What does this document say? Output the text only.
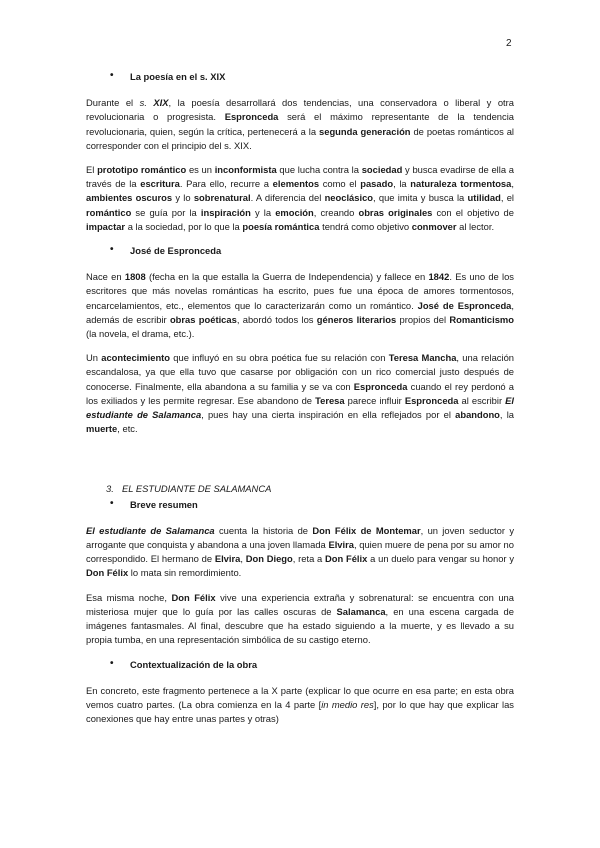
2
• La poesía en el s. XIX

Durante el s. XIX, la poesía desarrollará dos tendencias, una conservadora o liberal y otra revolucionaria o progresista. Espronceda será el máximo representante de la tendencia revolucionaria, quien, según la crítica, pertenecerá a la segunda generación de poetas románticos al corresponder con el principio del s. XIX.

El prototipo romántico es un inconformista que lucha contra la sociedad y busca evadirse de ella a través de la escritura. Para ello, recurre a elementos como el pasado, la naturaleza tormentosa, ambientes oscuros y lo sobrenatural. A diferencia del neoclásico, que imita y busca la utilidad, el romántico se guía por la inspiración y la emoción, creando obras originales con el objetivo de impactar a la sociedad, por lo que la poesía romántica tendrá como objetivo conmover al lector.

• José de Espronceda

Nace en 1808 (fecha en la que estalla la Guerra de Independencia) y fallece en 1842. Es uno de los escritores que más novelas románticas ha escrito, pues fue una época de amores tormentosos, encarcelamientos, etc., elementos que lo caracterizarán como un romántico. José de Espronceda, además de escribir obras poéticas, abordó todos los géneros literarios propios del Romanticismo (la novela, el drama, etc.).

Un acontecimiento que influyó en su obra poética fue su relación con Teresa Mancha, una relación escandalosa, ya que ella tuvo que casarse por obligación con un rico comercial justo después de conocerse. Finalmente, ella abandona a su familia y se va con Espronceda cuando el rey perdonó a los exiliados y les permite regresar. Ese abandono de Teresa parece influir Esproncedа al escribir El estudiante de Salamanca, pues hay una cierta inspiración en ella reflejados por el abandono, la muerte, etc.

3. EL ESTUDIANTE DE SALAMANCA
• Breve resumen

El estudiante de Salamanca cuenta la historia de Don Félix de Montemar, un joven seductor y arrogante que conquista y abandona a una joven llamada Elvira, quien muere de pena por su amor no correspondido. El hermano de Elvira, Don Diego, reta a Don Félix a un duelo para vengar su honor y Don Félix lo mata sin remordimiento.

Esa misma noche, Don Félix vive una experiencia extraña y sobrenatural: se encuentra con una misteriosa mujer que lo guía por las calles oscuras de Salamanca, en una escena cargada de imágenes fantasmales. Al final, descubre que ha estado siguiendo a la muerte, y es llevado a su propia tumba, en una representación simbólica de su castigo eterno.

• Contextualización de la obra

En concreto, este fragmento pertenece a la X parte (explicar lo que ocurre en esa parte; en esta obra vemos cuatro partes. (La obra comienza en la 4 parte [in medio res], por lo que hay que explicar las conexiones que hay entre unas partes y otras)
